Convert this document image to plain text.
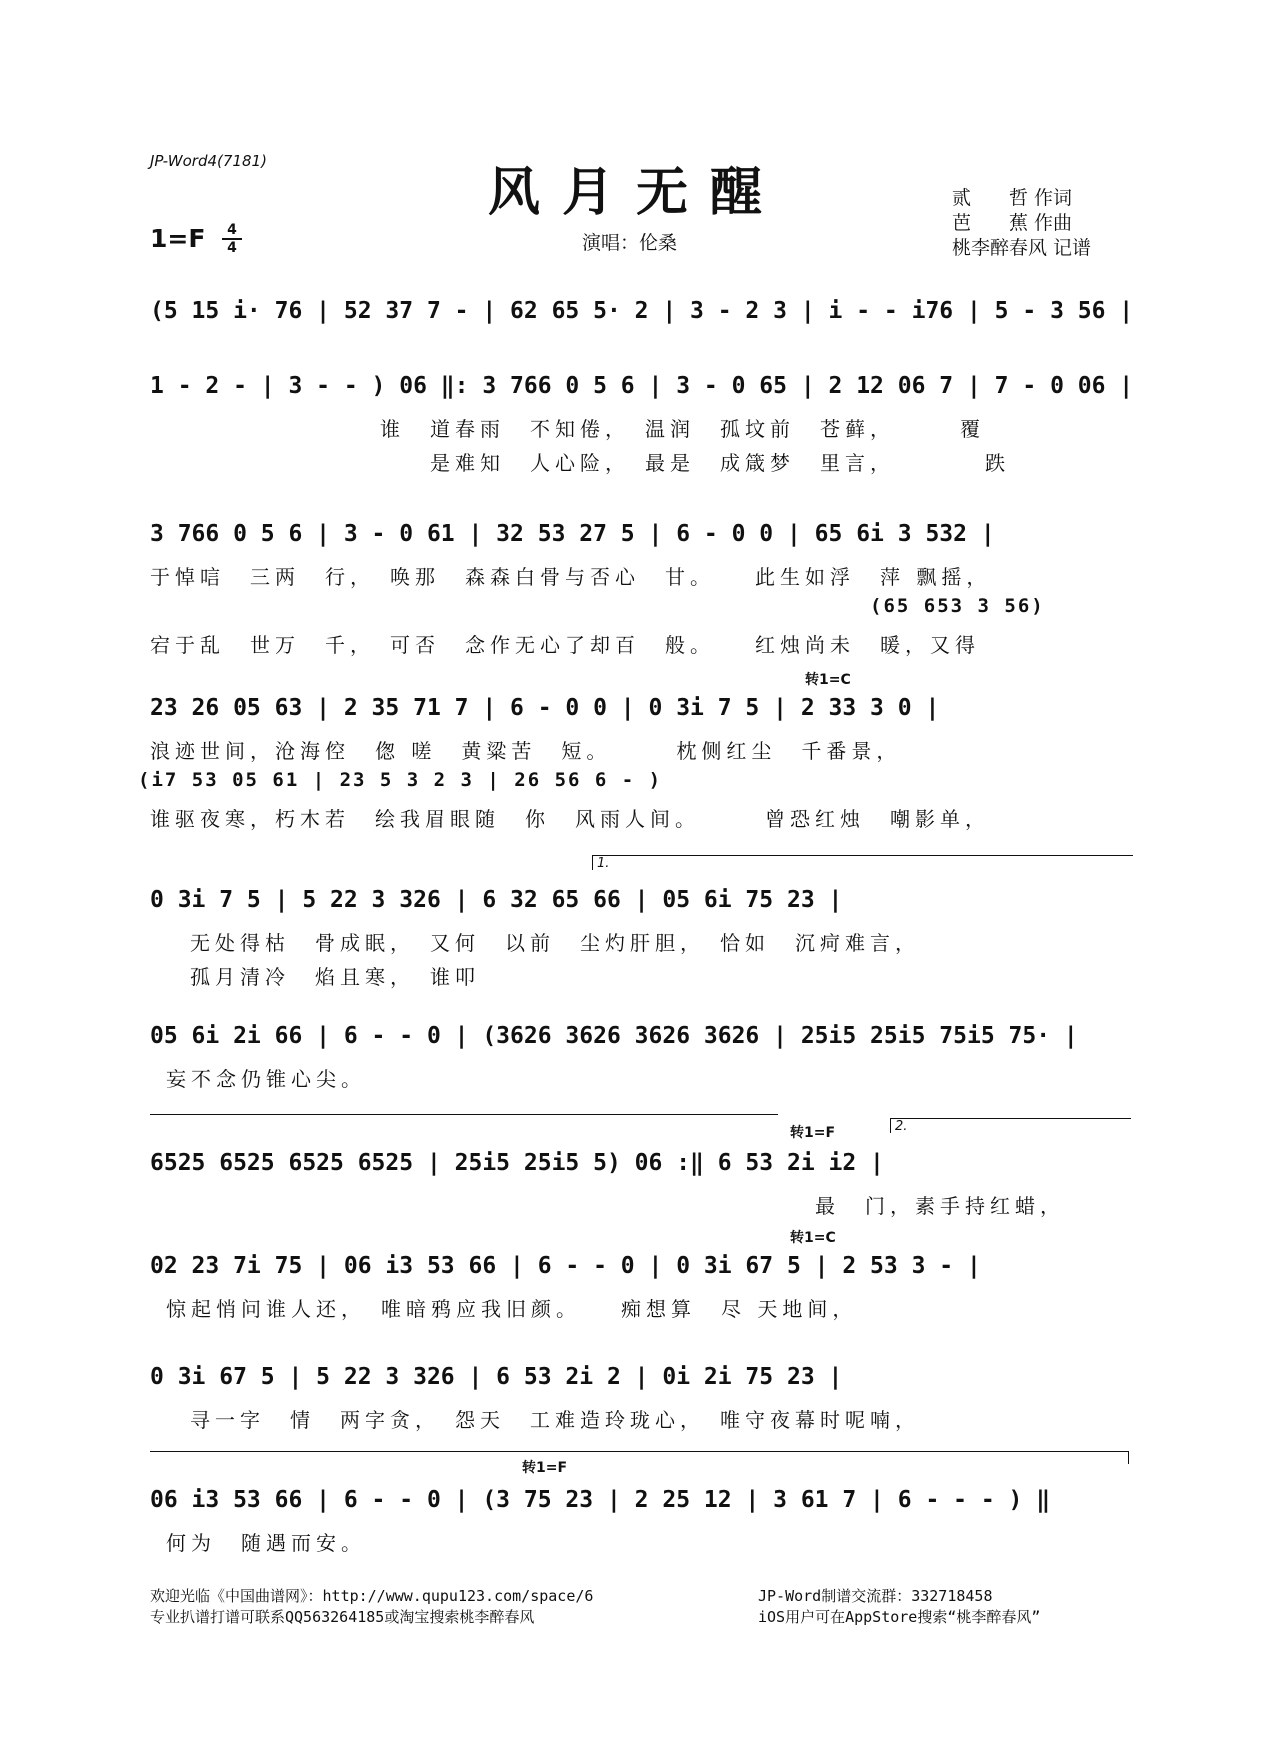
JP-Word4(7181)
风月无醒
1=F	4
4	演唱：伦桑
贰　　哲 作词
芭　　蕉 作曲
桃李醉春风 记谱
(5 15 i· 76 | 52 37 7 - | 62 65 5· 2 | 3 - 2 3 | i - - i76 | 5 - 3 56 |
1 - 2 - | 3 - - ) 06 ‖: 3 766 0 5 6 | 3 - 0 65 | 2 12 06 7 | 7 - 0 06 |
谁　道春雨　不知倦，　温润　孤坟前　苍藓，　　　覆
是难知　人心险，　最是　成箴梦　里言，　　　　跌
3 766 0 5 6 | 3 - 0 61 | 32 53 27 5 | 6 - 0 0 | 65 6i 3 532 |
于悼唁　三两　行，　唤那　森森白骨与否心　甘。　　此生如浮　萍 飘摇，
(65 653 3 56)
宕于乱　世万　千，　可否　念作无心了却百　般。　　红烛尚未　暖，又得
转1=C
23 26 05 63 | 2 35 71 7 | 6 - 0 0 | 0 3i 7 5 | 2 33 3 0 |
浪迹世间，沧海倥　偬 嗟　黄粱苦　短。　　　枕侧红尘　千番景，
(i7 53 05 61 | 23 5 3 2 3 | 26 56 6 - )
谁驱夜寒，朽木若　绘我眉眼随　你　风雨人间。　　　曾恐红烛　嘲影单，
1.
0 3i 7 5 | 5 22 3 326 | 6 32 65 66 | 05 6i 75 23 |
无处得枯　骨成眠，　又何　以前　尘灼肝胆，　恰如　沉疴难言，
孤月清冷　焰且寒，　谁叩
05 6i 2i 66 | 6 - - 0 | (3626 3626 3626 3626 | 25i5 25i5 75i5 75· |
妄不念仍锥心尖。
转1=F	2.
6525 6525 6525 6525 | 25i5 25i5 5) 06 :‖ 6 53 2i i2 |
最　门，素手持红蜡，
转1=C
02 23 7i 75 | 06 i3 53 66 | 6 - - 0 | 0 3i 67 5 | 2 53 3 - |
惊起悄问谁人还，　唯暗鸦应我旧颜。　　痴想算　尽 天地间，
0 3i 67 5 | 5 22 3 326 | 6 53 2i 2 | 0i 2i 75 23 |
寻一字　情　两字贪，　怨天　工难造玲珑心，　唯守夜幕时呢喃，
转1=F
06 i3 53 66 | 6 - - 0 | (3 75 23 | 2 25 12 | 3 61 7 | 6 - - - ) ‖
何为　随遇而安。
欢迎光临《中国曲谱网》：http://www.qupu123.com/space/6
专业扒谱打谱可联系QQ563264185或淘宝搜索桃李醉春风
JP-Word制谱交流群：332718458
iOS用户可在AppStore搜索“桃李醉春风”
